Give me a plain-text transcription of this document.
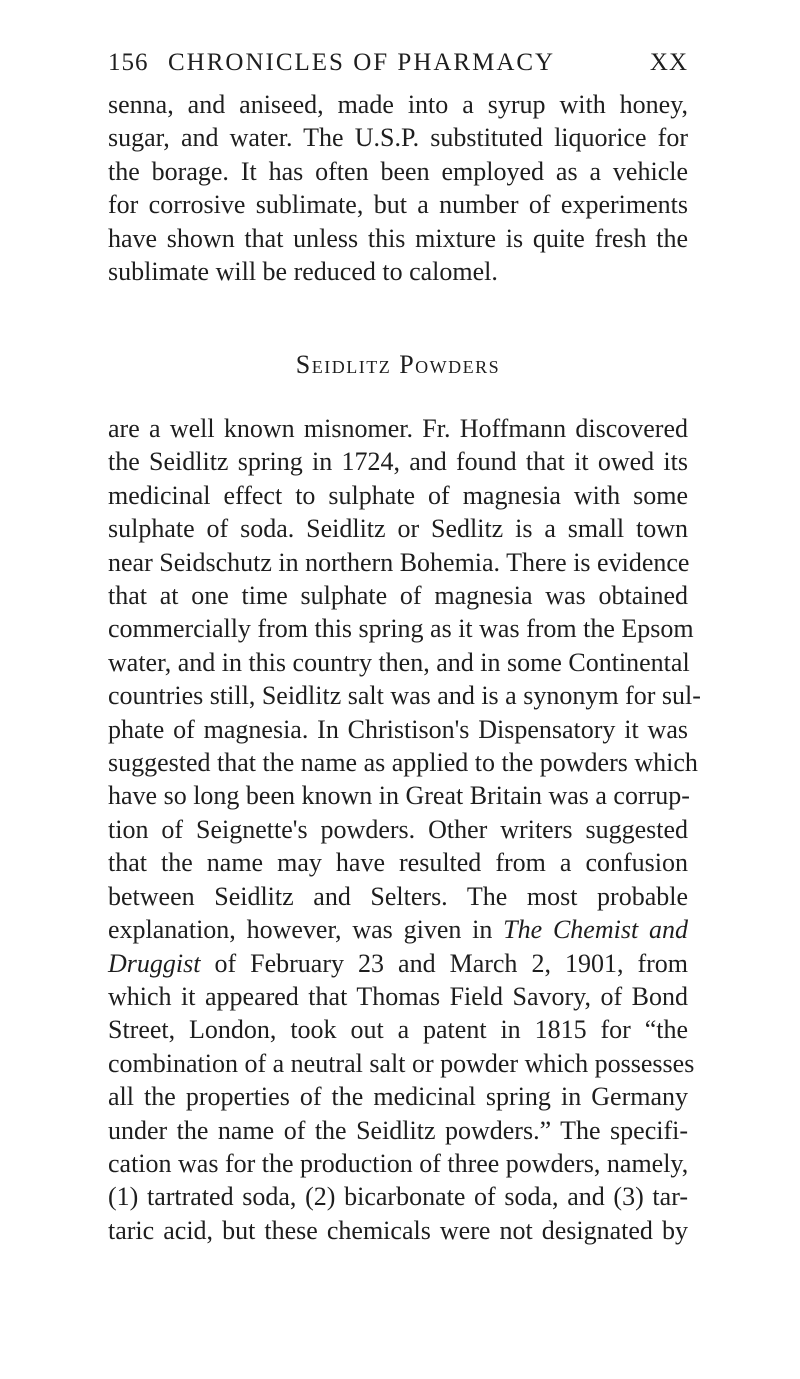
156 CHRONICLES OF PHARMACY	XX

senna, and aniseed, made into a syrup with honey,
sugar, and water. The U.S.P. substituted liquorice for
the borage. It has often been employed as a vehicle
for corrosive sublimate, but a number of experiments
have shown that unless this mixture is quite fresh the
sublimate will be reduced to calomel.

Seidlitz Powders

are a well known misnomer. Fr. Hoffmann discovered
the Seidlitz spring in 1724, and found that it owed its
medicinal effect to sulphate of magnesia with some
sulphate of soda. Seidlitz or Sedlitz is a small town
near Seidschutz in northern Bohemia. There is evidence
that at one time sulphate of magnesia was obtained
commercially from this spring as it was from the Epsom
water, and in this country then, and in some Continental
countries still, Seidlitz salt was and is a synonym for sul-
phate of magnesia. In Christison's Dispensatory it was
suggested that the name as applied to the powders which
have so long been known in Great Britain was a corrup-
tion of Seignette's powders. Other writers suggested
that the name may have resulted from a confusion
between Seidlitz and Selters. The most probable
explanation, however, was given in The Chemist and
Druggist of February 23 and March 2, 1901, from
which it appeared that Thomas Field Savory, of Bond
Street, London, took out a patent in 1815 for “the
combination of a neutral salt or powder which possesses
all the properties of the medicinal spring in Germany
under the name of the Seidlitz powders.” The specifi-
cation was for the production of three powders, namely,
(1) tartrated soda, (2) bicarbonate of soda, and (3) tar-
taric acid, but these chemicals were not designated by
